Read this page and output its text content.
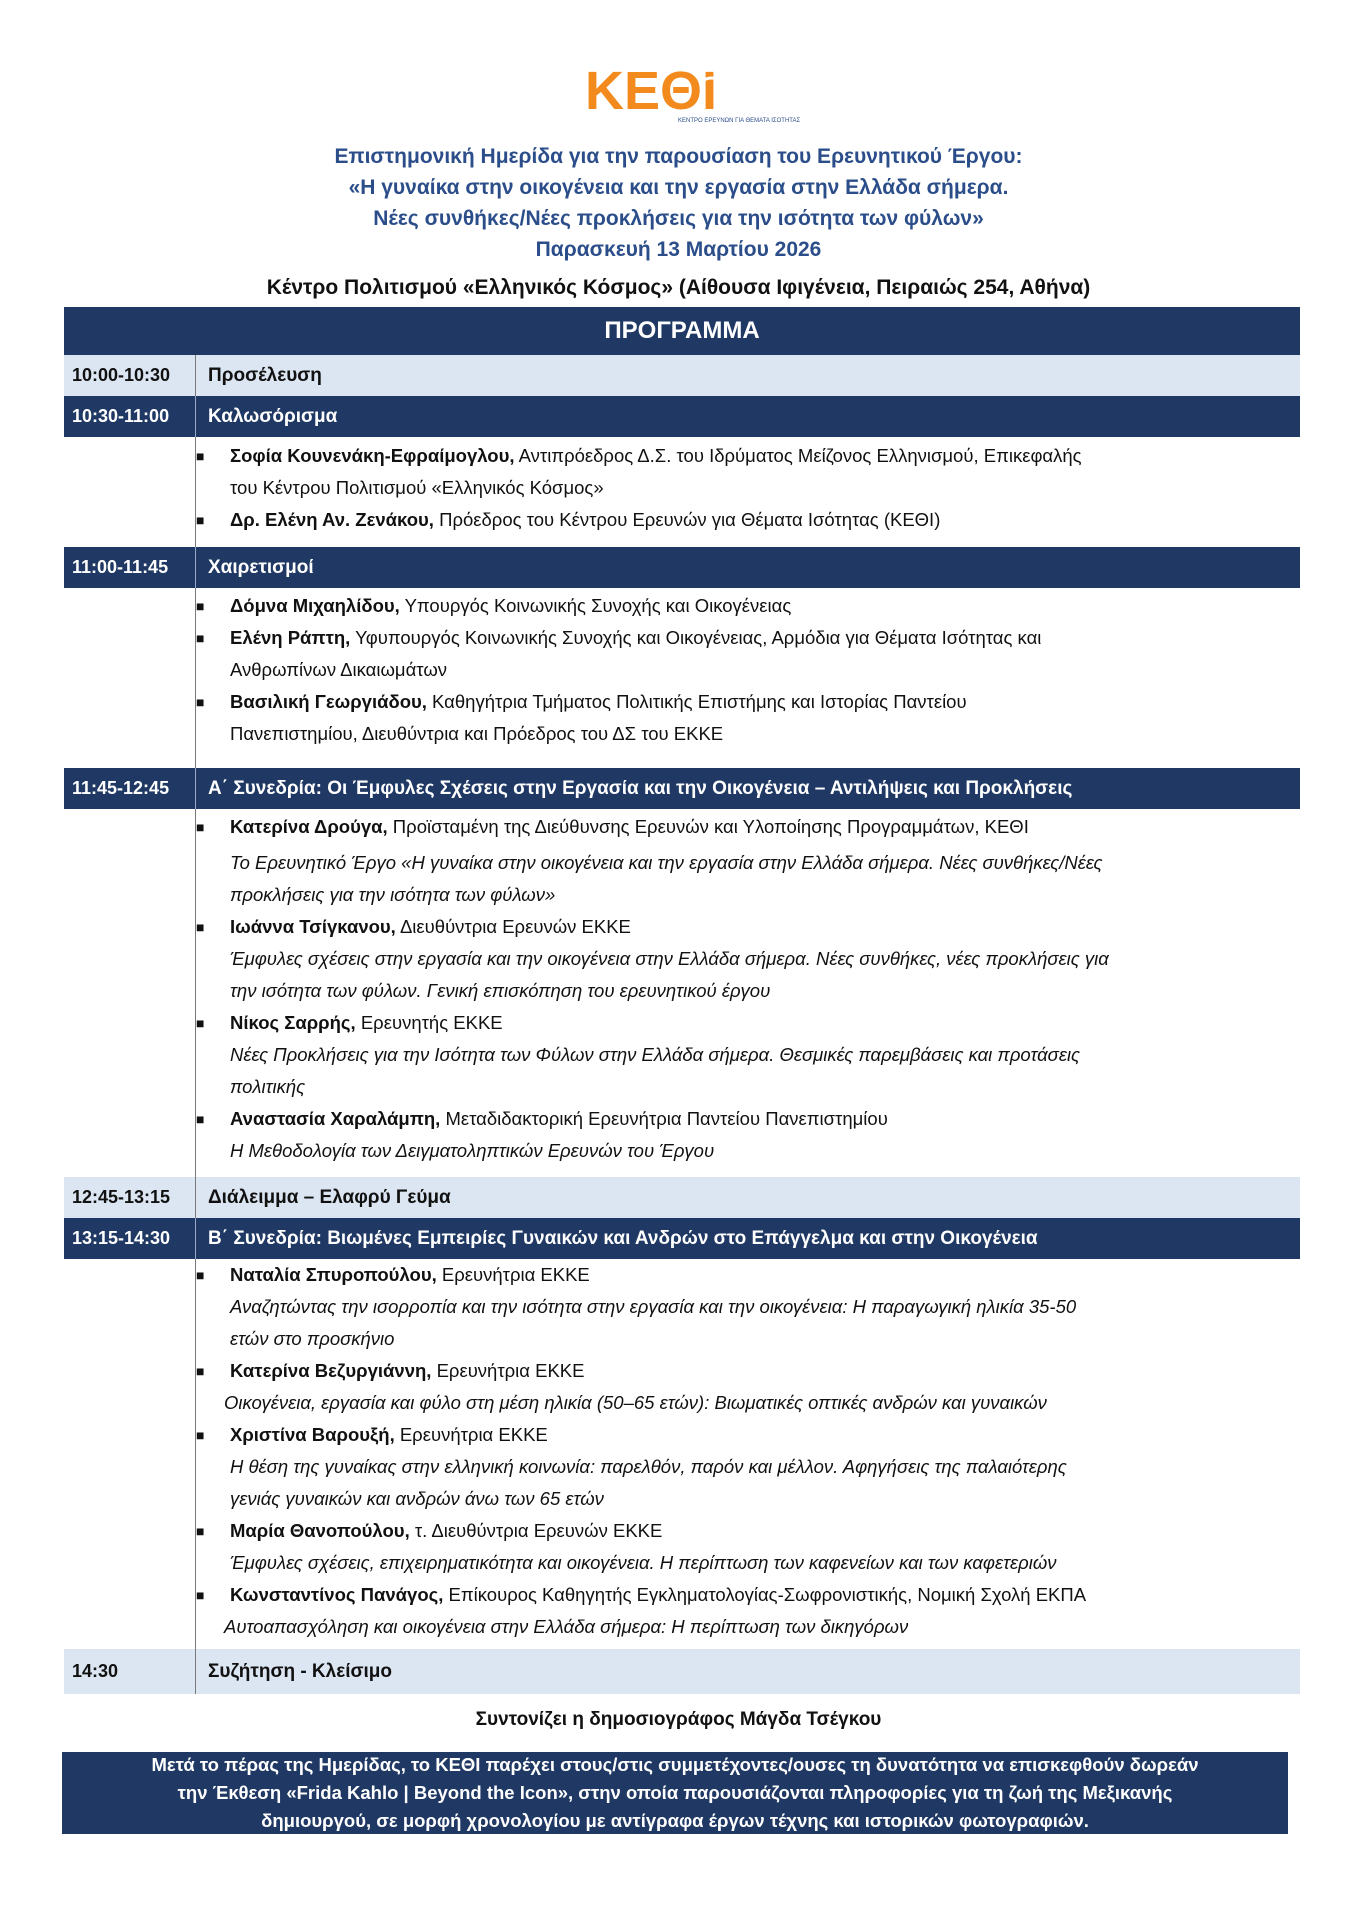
ΚΕΘΙ
ΚΕΝΤΡΟ ΕΡΕΥΝΩΝ ΓΙΑ ΘΕΜΑΤΑ ΙΣΟΤΗΤΑΣ
Επιστημονική Ημερίδα για την παρουσίαση του Ερευνητικού Έργου:
«Η γυναίκα στην οικογένεια και την εργασία στην Ελλάδα σήμερα.
Νέες συνθήκες/Νέες προκλήσεις για την ισότητα των φύλων»
Παρασκευή 13 Μαρτίου 2026
Κέντρο Πολιτισμού «Ελληνικός Κόσμος» (Αίθουσα Ιφιγένεια, Πειραιώς 254, Αθήνα)
ΠΡΟΓΡΑΜΜΑ
10:00-10:30	Προσέλευση
10:30-11:00	Καλωσόρισμα
■ Σοφία Κουνενάκη-Εφραίμογλου, Αντιπρόεδρος Δ.Σ. του Ιδρύματος Μείζονος Ελληνισμού, Επικεφαλής
του Κέντρου Πολιτισμού «Ελληνικός Κόσμος»
■ Δρ. Ελένη Αν. Ζενάκου, Πρόεδρος του Κέντρου Ερευνών για Θέματα Ισότητας (ΚΕΘΙ)
11:00-11:45	Χαιρετισμοί
■ Δόμνα Μιχαηλίδου, Υπουργός Κοινωνικής Συνοχής και Οικογένειας
■ Ελένη Ράπτη, Υφυπουργός Κοινωνικής Συνοχής και Οικογένειας, Αρμόδια για Θέματα Ισότητας και
Ανθρωπίνων Δικαιωμάτων
■ Βασιλική Γεωργιάδου, Καθηγήτρια Τμήματος Πολιτικής Επιστήμης και Ιστορίας Παντείου
Πανεπιστημίου, Διευθύντρια και Πρόεδρος του ΔΣ του ΕΚΚΕ
11:45-12:45	Α΄ Συνεδρία: Οι Έμφυλες Σχέσεις στην Εργασία και την Οικογένεια – Αντιλήψεις και Προκλήσεις
■ Κατερίνα Δρούγα, Προϊσταμένη της Διεύθυνσης Ερευνών και Υλοποίησης Προγραμμάτων, ΚΕΘΙ
Το Ερευνητικό Έργο «Η γυναίκα στην οικογένεια και την εργασία στην Ελλάδα σήμερα. Νέες συνθήκες/Νέες
προκλήσεις για την ισότητα των φύλων»
■ Ιωάννα Τσίγκανου, Διευθύντρια Ερευνών ΕΚΚΕ
Έμφυλες σχέσεις στην εργασία και την οικογένεια στην Ελλάδα σήμερα. Νέες συνθήκες, νέες προκλήσεις για
την ισότητα των φύλων. Γενική επισκόπηση του ερευνητικού έργου
■ Νίκος Σαρρής, Ερευνητής ΕΚΚΕ
Νέες Προκλήσεις για την Ισότητα των Φύλων στην Ελλάδα σήμερα. Θεσμικές παρεμβάσεις και προτάσεις
πολιτικής
■ Αναστασία Χαραλάμπη, Μεταδιδακτορική Ερευνήτρια Παντείου Πανεπιστημίου
Η Μεθοδολογία των Δειγματοληπτικών Ερευνών του Έργου
12:45-13:15	Διάλειμμα – Ελαφρύ Γεύμα
13:15-14:30	Β΄ Συνεδρία: Βιωμένες Εμπειρίες Γυναικών και Ανδρών στο Επάγγελμα και στην Οικογένεια
■ Ναταλία Σπυροπούλου, Ερευνήτρια ΕΚΚΕ
Αναζητώντας την ισορροπία και την ισότητα στην εργασία και την οικογένεια: Η παραγωγική ηλικία 35-50
ετών στο προσκήνιο
■ Κατερίνα Βεζυργιάννη, Ερευνήτρια ΕΚΚΕ
Οικογένεια, εργασία και φύλο στη μέση ηλικία (50–65 ετών): Βιωματικές οπτικές ανδρών και γυναικών
■ Χριστίνα Βαρουξή, Ερευνήτρια ΕΚΚΕ
Η θέση της γυναίκας στην ελληνική κοινωνία: παρελθόν, παρόν και μέλλον. Αφηγήσεις της παλαιότερης
γενιάς γυναικών και ανδρών άνω των 65 ετών
■ Μαρία Θανοπούλου, τ. Διευθύντρια Ερευνών ΕΚΚΕ
Έμφυλες σχέσεις, επιχειρηματικότητα και οικογένεια. Η περίπτωση των καφενείων και των καφετεριών
■ Κωνσταντίνος Πανάγος, Επίκουρος Καθηγητής Εγκληματολογίας-Σωφρονιστικής, Νομική Σχολή ΕΚΠΑ
Αυτοαπασχόληση και οικογένεια στην Ελλάδα σήμερα: Η περίπτωση των δικηγόρων
14:30	Συζήτηση - Κλείσιμο
Συντονίζει η δημοσιογράφος Μάγδα Τσέγκου
Μετά το πέρας της Ημερίδας, το ΚΕΘΙ παρέχει στους/στις συμμετέχοντες/ουσες τη δυνατότητα να επισκεφθούν δωρεάν
την Έκθεση «Frida Kahlo | Beyond the Icon», στην οποία παρουσιάζονται πληροφορίες για τη ζωή της Μεξικανής
δημιουργού, σε μορφή χρονολογίου με αντίγραφα έργων τέχνης και ιστορικών φωτογραφιών.
